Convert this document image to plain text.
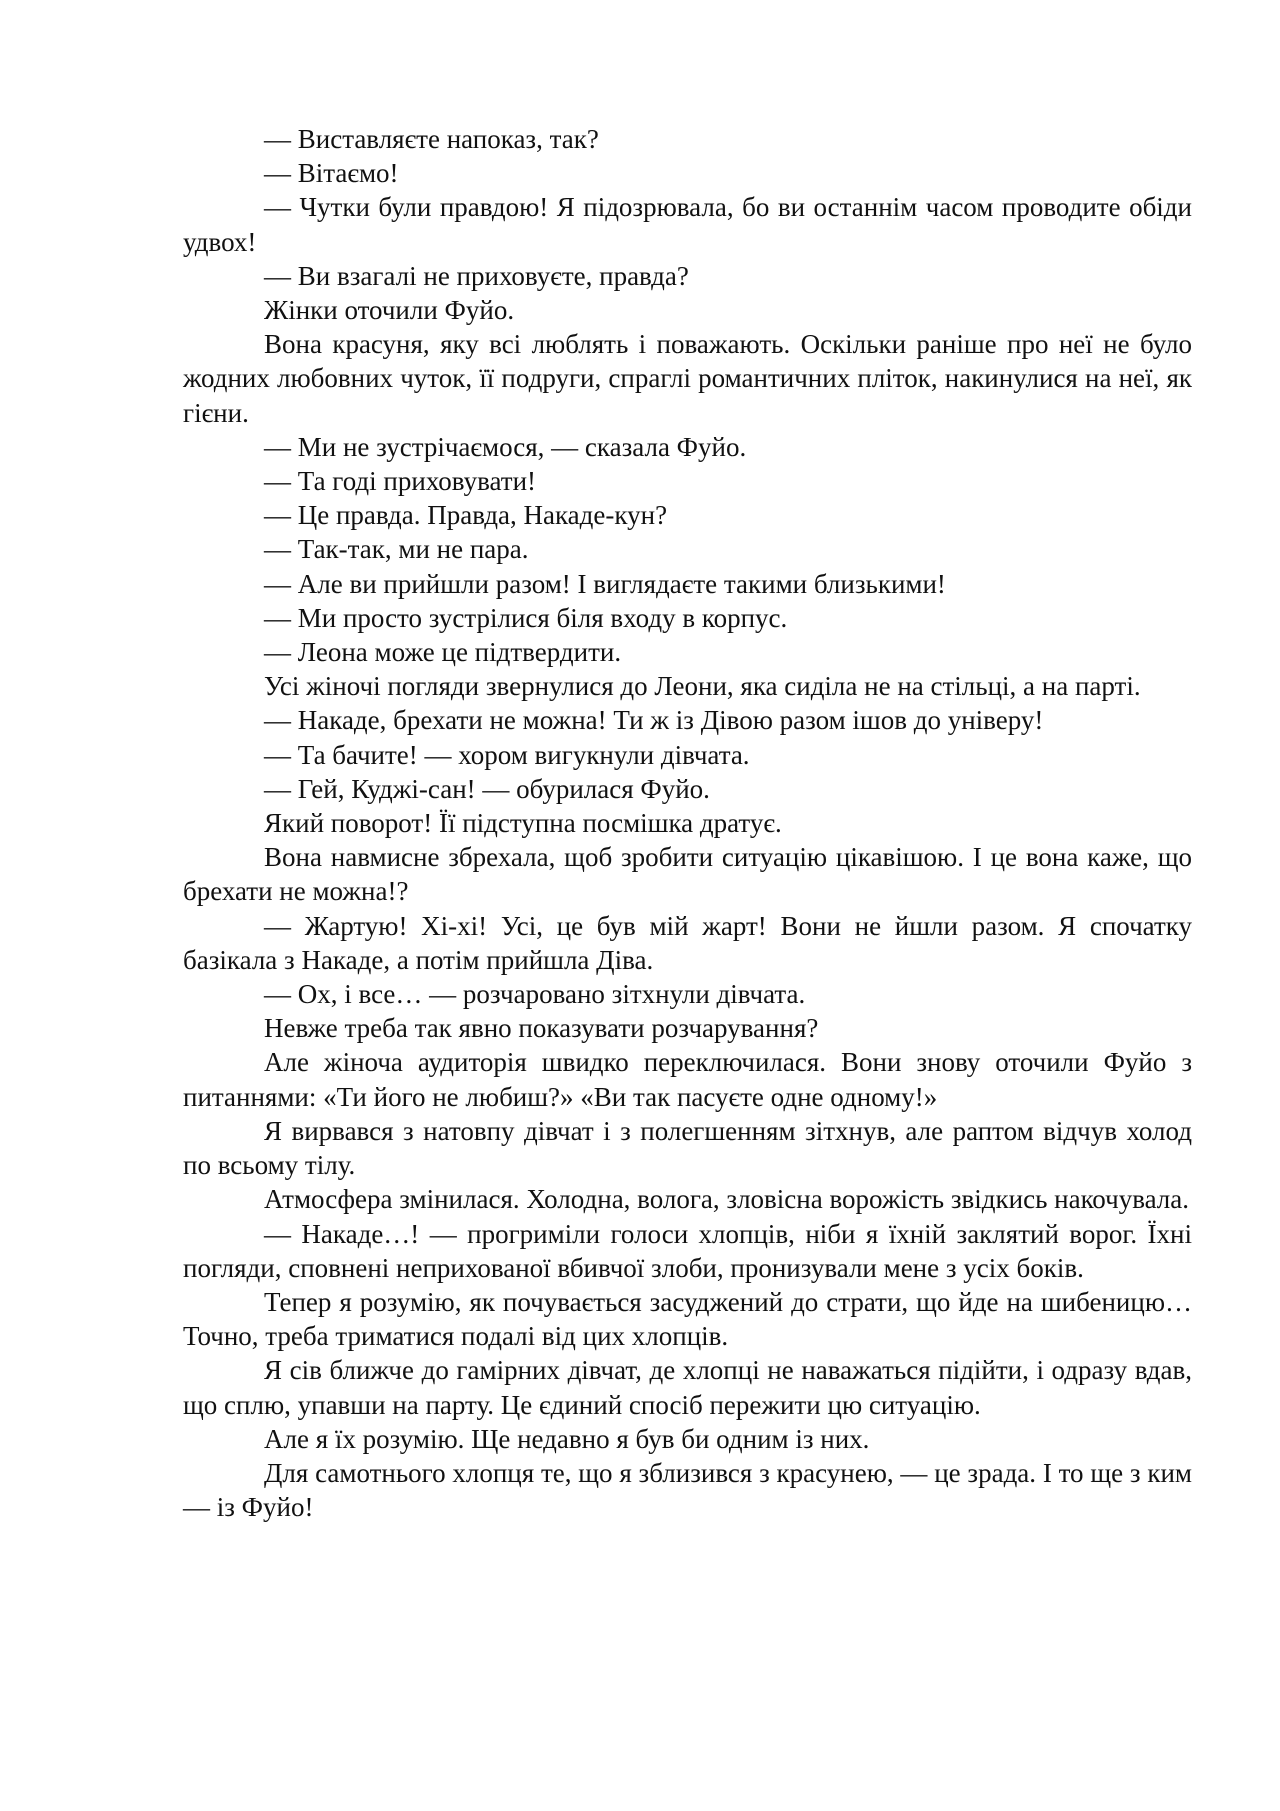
— Виставляєте напоказ, так?

— Вітаємо!

— Чутки були правдою! Я підозрювала, бо ви останнім часом проводите обіди удвох!

— Ви взагалі не приховуєте, правда?

Жінки оточили Фуйо.

Вона красуня, яку всі люблять і поважають. Оскільки раніше про неї не було жодних любовних чуток, її подруги, спраглі романтичних пліток, накинулися на неї, як гієни.

— Ми не зустрічаємося, — сказала Фуйо.

— Та годі приховувати!

— Це правда. Правда, Накаде-кун?

— Так-так, ми не пара.

— Але ви прийшли разом! І виглядаєте такими близькими!

— Ми просто зустрілися біля входу в корпус.

— Леона може це підтвердити.

Усі жіночі погляди звернулися до Леони, яка сиділа не на стільці, а на парті.

— Накаде, брехати не можна! Ти ж із Дівою разом ішов до універу!

— Та бачите! — хором вигукнули дівчата.

— Гей, Куджі-сан! — обурилася Фуйо.

Який поворот! Її підступна посмішка дратує.

Вона навмисне збрехала, щоб зробити ситуацію цікавішою. І це вона каже, що брехати не можна!?

— Жартую! Хі-хі! Усі, це був мій жарт! Вони не йшли разом. Я спочатку базікала з Накаде, а потім прийшла Діва.

— Ох, і все… — розчаровано зітхнули дівчата.

Невже треба так явно показувати розчарування?

Але жіноча аудиторія швидко переключилася. Вони знову оточили Фуйо з питаннями: «Ти його не любиш?» «Ви так пасуєте одне одному!»

Я вирвався з натовпу дівчат і з полегшенням зітхнув, але раптом відчув холод по всьому тілу.

Атмосфера змінилася. Холодна, волога, зловісна ворожість звідкись накочувала.

— Накаде…! — прогриміли голоси хлопців, ніби я їхній заклятий ворог. Їхні погляди, сповнені неприхованої вбивчої злоби, пронизували мене з усіх боків.

Тепер я розумію, як почувається засуджений до страти, що йде на шибеницю… Точно, треба триматися подалі від цих хлопців.

Я сів ближче до гамірних дівчат, де хлопці не наважаться підійти, і одразу вдав, що сплю, упавши на парту. Це єдиний спосіб пережити цю ситуацію.

Але я їх розумію. Ще недавно я був би одним із них.

Для самотнього хлопця те, що я зблизився з красунею, — це зрада. І то ще з ким — із Фуйо!
